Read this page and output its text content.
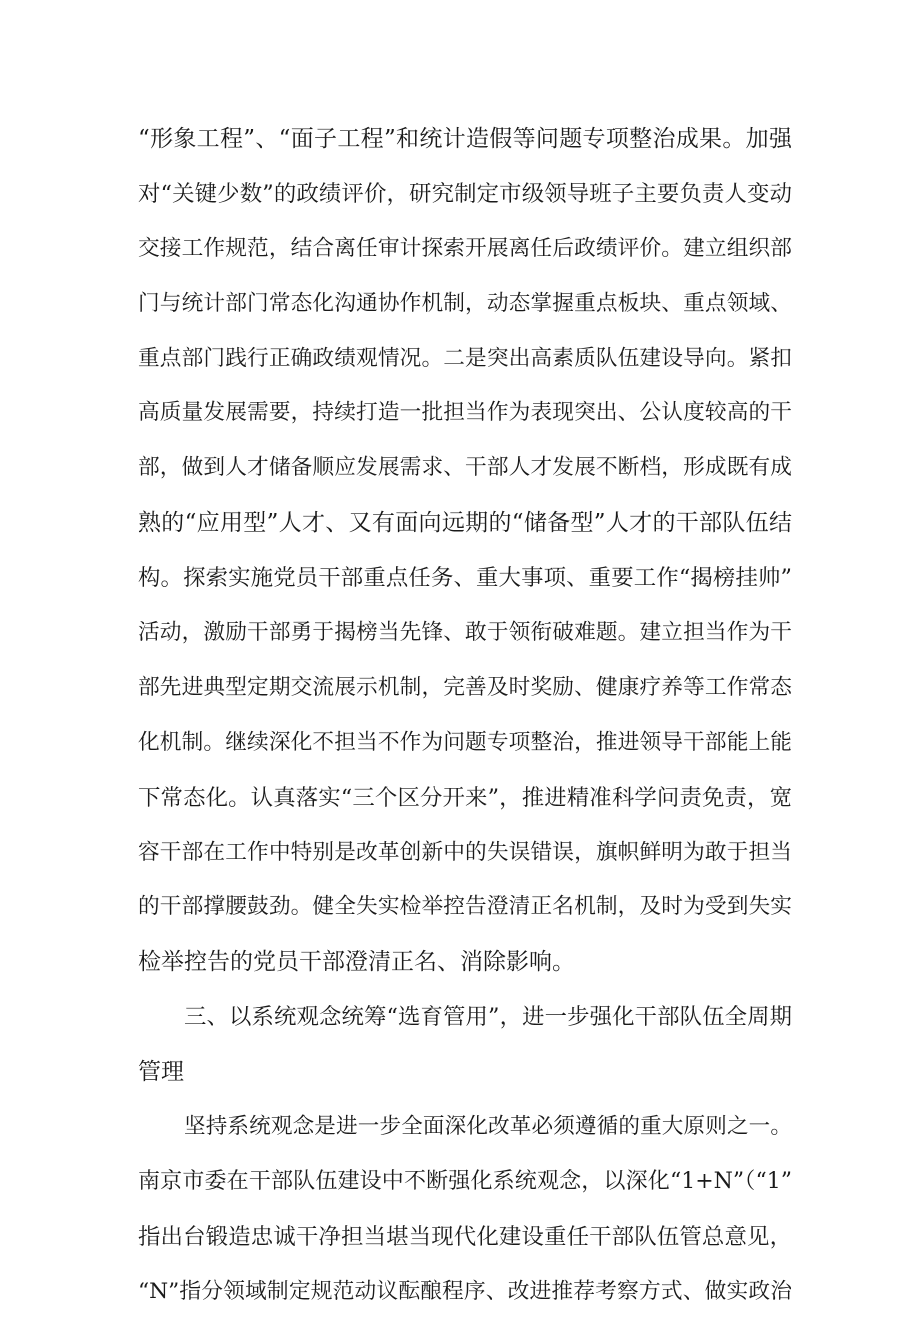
“形象工程”、“面子工程”和统计造假等问题专项整治成果。加强
对“关键少数”的政绩评价，研究制定市级领导班子主要负责人变动
交接工作规范，结合离任审计探索开展离任后政绩评价。建立组织部
门与统计部门常态化沟通协作机制，动态掌握重点板块、重点领域、
重点部门践行正确政绩观情况。二是突出高素质队伍建设导向。紧扣
高质量发展需要，持续打造一批担当作为表现突出、公认度较高的干
部，做到人才储备顺应发展需求、干部人才发展不断档，形成既有成
熟的“应用型”人才、又有面向远期的“储备型”人才的干部队伍结
构。探索实施党员干部重点任务、重大事项、重要工作“揭榜挂帅”
活动，激励干部勇于揭榜当先锋、敢于领衔破难题。建立担当作为干
部先进典型定期交流展示机制，完善及时奖励、健康疗养等工作常态
化机制。继续深化不担当不作为问题专项整治，推进领导干部能上能
下常态化。认真落实“三个区分开来”，推进精准科学问责免责，宽
容干部在工作中特别是改革创新中的失误错误，旗帜鲜明为敢于担当
的干部撑腰鼓劲。健全失实检举控告澄清正名机制，及时为受到失实
检举控告的党员干部澄清正名、消除影响。
三、以系统观念统筹“选育管用”，进一步强化干部队伍全周期
管理
坚持系统观念是进一步全面深化改革必须遵循的重大原则之一。
南京市委在干部队伍建设中不断强化系统观念，以深化“1+N”（“1”
指出台锻造忠诚干净担当堪当现代化建设重任干部队伍管总意见，
“N”指分领域制定规范动议酝酿程序、改进推荐考察方式、做实政治
